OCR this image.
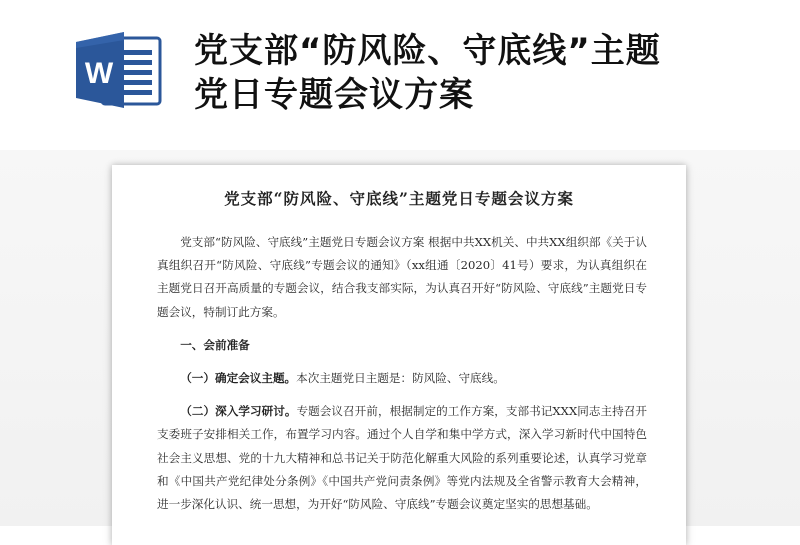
W
党支部“防风险、守底线”主题
党日专题会议方案
党支部“防风险、守底线”主题党日专题会议方案

党支部“防风险、守底线”主题党日专题会议方案 根据中共XX机关、中共XX组织部《关于认真组织召开“防风险、守底线”专题会议的通知》（xx组通〔2020〕41号）要求，为认真组织在主题党日召开高质量的专题会议，结合我支部实际，为认真召开好“防风险、守底线”主题党日专题会议，特制订此方案。

一、会前准备

（一）确定会议主题。本次主题党日主题是：防风险、守底线。

（二）深入学习研讨。专题会议召开前，根据制定的工作方案，支部书记XXX同志主持召开支委班子安排相关工作，布置学习内容。通过个人自学和集中学方式，深入学习新时代中国特色社会主义思想、党的十九大精神和总书记关于防范化解重大风险的系列重要论述，认真学习党章和《中国共产党纪律处分条例》《中国共产党问责条例》等党内法规及全省警示教育大会精神，进一步深化认识、统一思想，为开好“防风险、守底线”专题会议奠定坚实的思想基础。
